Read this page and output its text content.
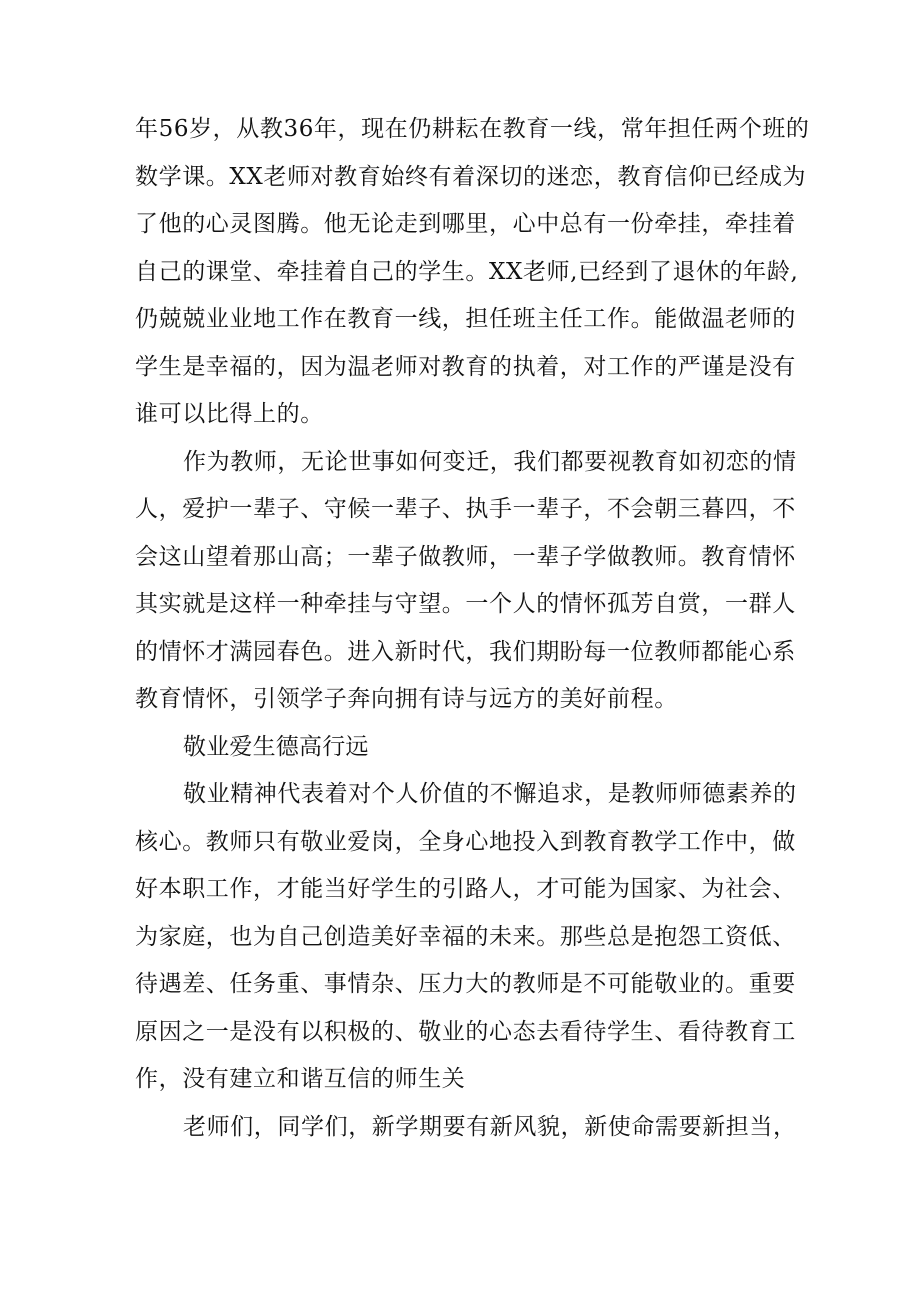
年56岁，从教36年，现在仍耕耘在教育一线，常年担任两个班的
数学课。XX老师对教育始终有着深切的迷恋，教育信仰已经成为
了他的心灵图腾。他无论走到哪里，心中总有一份牵挂，牵挂着
自己的课堂、牵挂着自己的学生。XX老师,已经到了退休的年龄,
仍兢兢业业地工作在教育一线，担任班主任工作。能做温老师的
学生是幸福的，因为温老师对教育的执着，对工作的严谨是没有
谁可以比得上的。
作为教师，无论世事如何变迁，我们都要视教育如初恋的情
人，爱护一辈子、守候一辈子、执手一辈子，不会朝三暮四，不
会这山望着那山高；一辈子做教师，一辈子学做教师。教育情怀
其实就是这样一种牵挂与守望。一个人的情怀孤芳自赏，一群人
的情怀才满园春色。进入新时代，我们期盼每一位教师都能心系
教育情怀，引领学子奔向拥有诗与远方的美好前程。
敬业爱生德高行远
敬业精神代表着对个人价值的不懈追求，是教师师德素养的
核心。教师只有敬业爱岗，全身心地投入到教育教学工作中，做
好本职工作，才能当好学生的引路人，才可能为国家、为社会、
为家庭，也为自己创造美好幸福的未来。那些总是抱怨工资低、
待遇差、任务重、事情杂、压力大的教师是不可能敬业的。重要
原因之一是没有以积极的、敬业的心态去看待学生、看待教育工
作，没有建立和谐互信的师生关
老师们，同学们，新学期要有新风貌，新使命需要新担当，
